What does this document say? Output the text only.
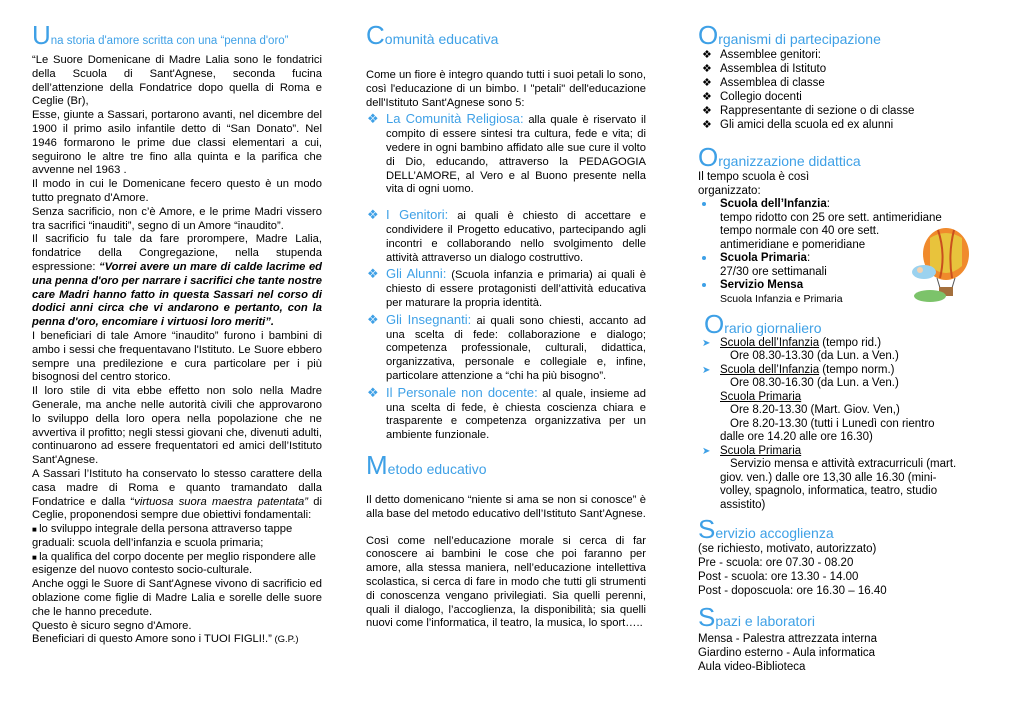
Una storia d'amore scritta con una “penna d'oro”

“Le Suore Domenicane di Madre Lalia sono le fondatrici della Scuola di Sant'Agnese, seconda fucina dell’attenzione della Fondatrice dopo quella di Roma e Ceglie (Br),

Esse, giunte a Sassari, portarono avanti, nel dicembre del 1900 il primo asilo infantile detto di “San Donato”. Nel 1946 formarono le prime due classi elementari a cui, seguirono le altre tre fino alla quinta e la parifica che avvenne nel 1963 .

Il modo in cui le Domenicane fecero questo è un modo tutto pregnato d'Amore.

Senza sacrificio, non c’è Amore, e le prime Madri vissero tra sacrifici “inauditi”, segno di un Amore “inaudito”.

Il sacrificio fu tale da fare prorompere, Madre Lalia, fondatrice della Congregazione, nella stupenda espressione: “Vorrei avere un mare di calde lacrime ed una penna d'oro per narrare i sacrifici che tante nostre care Madri hanno fatto in questa Sassari nel corso di dodici anni circa che vi andarono e pertanto, con la penna d'oro, encomiare i virtuosi loro meriti”.

I beneficiari di tale Amore “inaudito” furono i bambini di ambo i sessi che frequentavano l'Istituto. Le Suore ebbero sempre una predilezione e cura particolare per i più bisognosi del centro storico.

Il loro stile di vita ebbe effetto non solo nella Madre Generale, ma anche nelle autorità civili che approvarono lo sviluppo della loro opera nella popolazione che ne avvertiva il profitto; negli stessi giovani che, divenuti adulti, continuarono ad essere frequentatori ed amici dell’Istituto Sant'Agnese.

A Sassari l’Istituto ha conservato lo stesso carattere della casa madre di Roma e quanto tramandato dalla Fondatrice e dalla “virtuosa suora maestra patentata” di Ceglie, proponendosi sempre due obiettivi fondamentali:

■ lo sviluppo integrale della persona attraverso tappe graduali: scuola dell’infanzia e scuola primaria;

■ la qualifica del corpo docente per meglio rispondere alle esigenze del nuovo contesto socio-culturale.

Anche oggi le Suore di Sant'Agnese vivono di sacrificio ed oblazione come figlie di Madre Lalia e sorelle delle suore che le hanno precedute.

Questo è sicuro segno d'Amore.

Beneficiari di questo Amore sono i TUOI FIGLI!.” (G.P.)

Comunità educativa

Come un fiore è integro quando tutti i suoi petali lo sono, così l'educazione di un bimbo. I "petali" dell'educazione dell'Istituto Sant'Agnese sono 5:

❖ La Comunità Religiosa: alla quale è riservato il compito di essere sintesi tra cultura, fede e vita; di vedere in ogni bambino affidato alle sue cure il volto di Dio, educando, attraverso la PEDAGOGIA DELL’AMORE, al Vero e al Buono presente nella vita di ogni uomo.
❖ I Genitori: ai quali è chiesto di accettare e condividere il Progetto educativo, partecipando agli incontri e collaborando nello svolgimento delle attività attraverso un dialogo costruttivo.
❖ Gli Alunni: (Scuola infanzia e primaria) ai quali è chiesto di essere protagonisti dell’attività educativa per maturare la propria identità.
❖ Gli Insegnanti: ai quali sono chiesti, accanto ad una scelta di fede: collaborazione e dialogo; competenza professionale, culturali, didattica, organizzativa, personale e collegiale e, infine, particolare attenzione a “chi ha più bisogno”.
❖ Il Personale non docente: al quale, insieme ad una scelta di fede, è chiesta coscienza chiara e trasparente e competenza organizzativa per un ambiente funzionale.
Metodo educativo

Il detto domenicano “niente si ama se non si conosce” è alla base del metodo educativo dell’Istituto Sant’Agnese.

Così come nell’educazione morale si cerca di far conoscere ai bambini le cose che poi faranno per amore, alla stessa maniera, nell’educazione intellettiva scolastica, si cerca di fare in modo che tutti gli strumenti di conoscenza vengano privilegiati. Sia quelli perenni, quali il dialogo, l’accoglienza, la disponibilità; sia quelli nuovi come l’informatica, il teatro, la musica, lo sport…..

Organismi di partecipazione
❖ Assemblee genitori:
❖ Assemblea di Istituto
❖ Assemblea di classe
❖ Collegio docenti
❖ Rappresentante di sezione o di classe
❖ Gli amici della scuola ed ex alunni
Organizzazione didattica
Il tempo scuola è così
organizzato:
Scuola dell’Infanzia:
tempo ridotto con 25 ore sett. antimeridiane
tempo normale con 40 ore sett.
antimeridiane e pomeridiane
Scuola Primaria:
27/30 ore settimanali
Servizio Mensa
Scuola Infanzia e Primaria
Orario giornaliero
➤ Scuola dell’Infanzia (tempo rid.)
Ore 08.30-13.30 (da Lun. a Ven.)
➤ Scuola dell’Infanzia (tempo norm.)
Ore 08.30-16.30 (da Lun. a Ven.)
Scuola Primaria
Ore 8.20-13.30 (Mart. Giov. Ven,)
Ore 8.20-13.30 (tutti i Lunedì con rientro
dalle ore 14.20 alle ore 16.30)
➤ Scuola Primaria
Servizio mensa e attività extracurriculi (mart.
giov. ven.) dalle ore 13,30 alle 16.30 (mini-
volley, spagnolo, informatica, teatro, studio
assistito)
Servizio accoglienza
(se richiesto, motivato, autorizzato)
Pre - scuola: ore 07.30 - 08.20
Post - scuola: ore 13.30 - 14.00
Post - doposcuola: ore 16.30 – 16.40
Spazi e laboratori
Mensa - Palestra attrezzata interna
Giardino esterno - Aula informatica
Aula video-Biblioteca
